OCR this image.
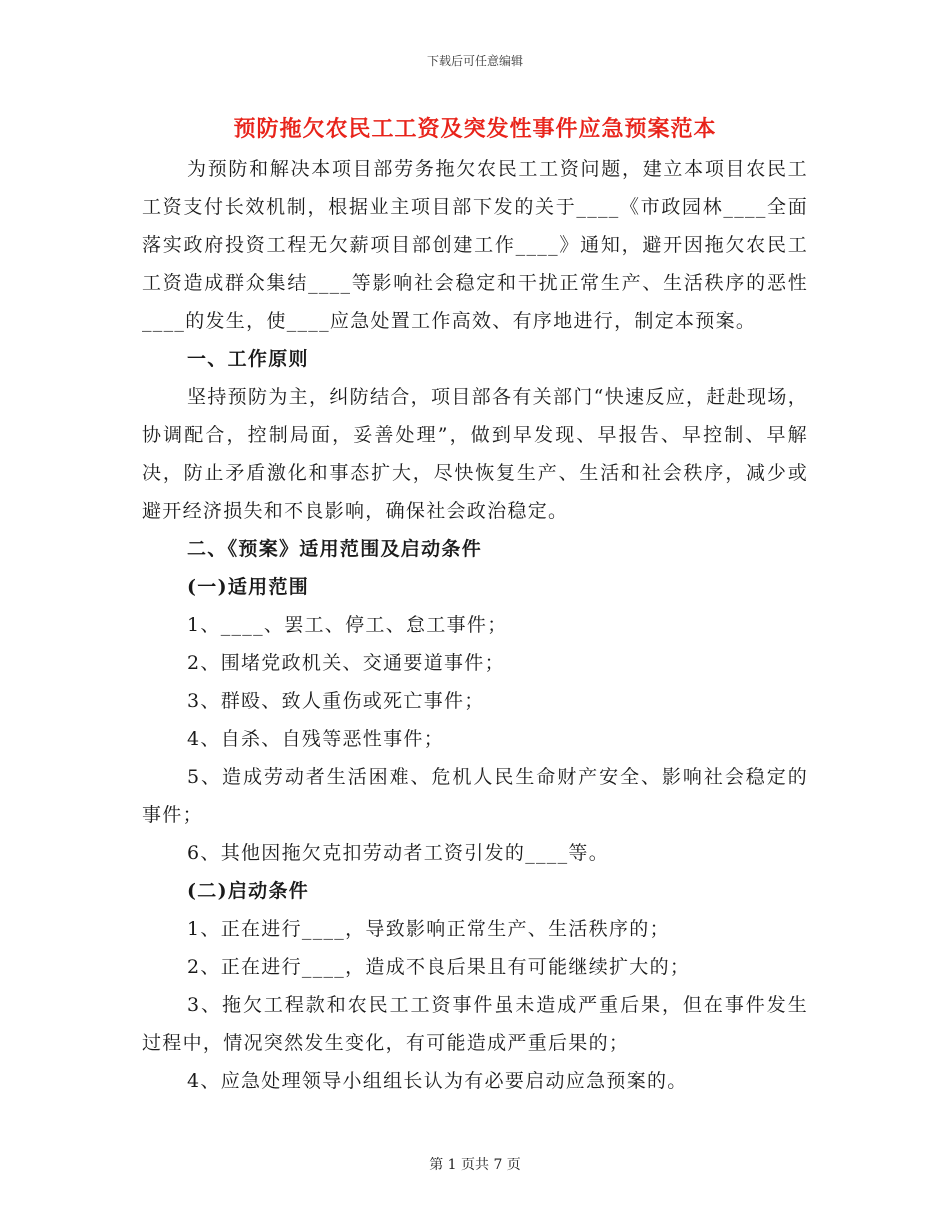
下载后可任意编辑
预防拖欠农民工工资及突发性事件应急预案范本

为预防和解决本项目部劳务拖欠农民工工资问题，建立本项目农民工工资支付长效机制，根据业主项目部下发的关于____《市政园林____全面落实政府投资工程无欠薪项目部创建工作____》通知，避开因拖欠农民工工资造成群众集结____等影响社会稳定和干扰正常生产、生活秩序的恶性____的发生，使____应急处置工作高效、有序地进行，制定本预案。

一、工作原则

坚持预防为主，纠防结合，项目部各有关部门“快速反应，赶赴现场，协调配合，控制局面，妥善处理”，做到早发现、早报告、早控制、早解决，防止矛盾激化和事态扩大，尽快恢复生产、生活和社会秩序，减少或避开经济损失和不良影响，确保社会政治稳定。

二、《预案》适用范围及启动条件

(一)适用范围

1、____、罢工、停工、怠工事件；

2、围堵党政机关、交通要道事件；

3、群殴、致人重伤或死亡事件；

4、自杀、自残等恶性事件；

5、造成劳动者生活困难、危机人民生命财产安全、影响社会稳定的事件；

6、其他因拖欠克扣劳动者工资引发的____等。

(二)启动条件

1、正在进行____，导致影响正常生产、生活秩序的；

2、正在进行____，造成不良后果且有可能继续扩大的；

3、拖欠工程款和农民工工资事件虽未造成严重后果，但在事件发生过程中，情况突然发生变化，有可能造成严重后果的；

4、应急处理领导小组组长认为有必要启动应急预案的。

第 1 页共 7 页
